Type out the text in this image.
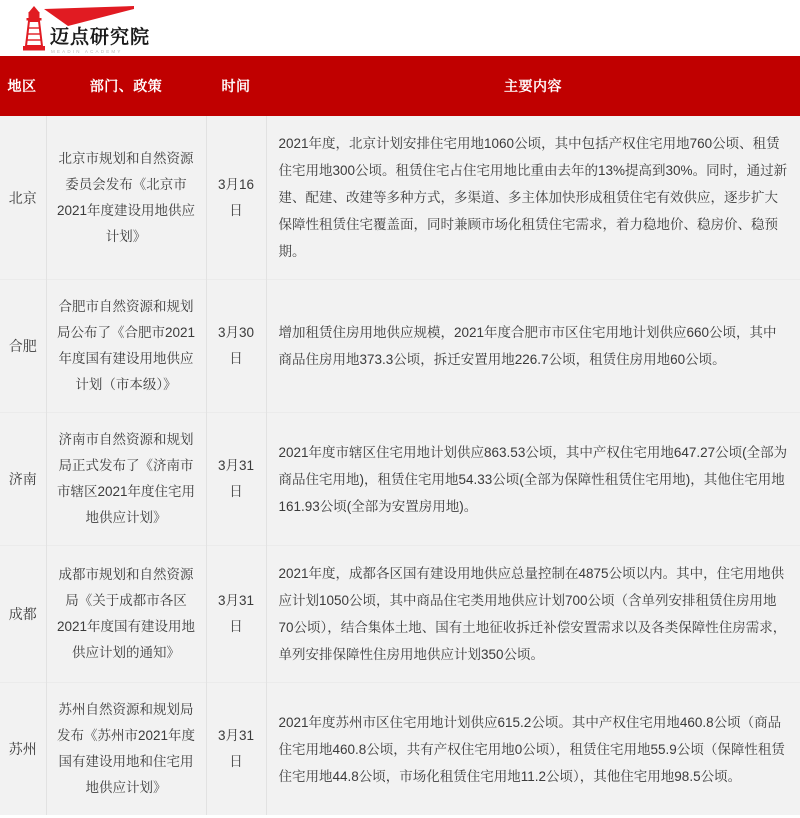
迈点研究院
MEADIN ACADEMY
地区	部门、政策	时间	主要内容
北京	北京市规划和自然资源委员会发布《北京市2021年度建设用地供应计划》	3月16日	2021年度，北京计划安排住宅用地1060公顷，其中包括产权住宅用地760公顷、租赁住宅用地300公顷。租赁住宅占住宅用地比重由去年的13%提高到30%。同时，通过新建、配建、改建等多种方式，多渠道、多主体加快形成租赁住宅有效供应，逐步扩大保障性租赁住宅覆盖面，同时兼顾市场化租赁住宅需求，着力稳地价、稳房价、稳预期。
合肥	合肥市自然资源和规划局公布了《合肥市2021年度国有建设用地供应计划（市本级）》	3月30日	增加租赁住房用地供应规模，2021年度合肥市市区住宅用地计划供应660公顷，其中商品住房用地373.3公顷，拆迁安置用地226.7公顷，租赁住房用地60公顷。
济南	济南市自然资源和规划局正式发布了《济南市市辖区2021年度住宅用地供应计划》	3月31日	2021年度市辖区住宅用地计划供应863.53公顷，其中产权住宅用地647.27公顷(全部为商品住宅用地)，租赁住宅用地54.33公顷(全部为保障性租赁住宅用地)，其他住宅用地161.93公顷(全部为安置房用地)。
成都	成都市规划和自然资源局《关于成都市各区2021年度国有建设用地供应计划的通知》	3月31日	2021年度，成都各区国有建设用地供应总量控制在4875公顷以内。其中，住宅用地供应计划1050公顷，其中商品住宅类用地供应计划700公顷（含单列安排租赁住房用地70公顷），结合集体土地、国有土地征收拆迁补偿安置需求以及各类保障性住房需求，单列安排保障性住房用地供应计划350公顷。
苏州	苏州自然资源和规划局发布《苏州市2021年度国有建设用地和住宅用地供应计划》	3月31日	2021年度苏州市区住宅用地计划供应615.2公顷。其中产权住宅用地460.8公顷（商品住宅用地460.8公顷，共有产权住宅用地0公顷），租赁住宅用地55.9公顷（保障性租赁住宅用地44.8公顷，市场化租赁住宅用地11.2公顷），其他住宅用地98.5公顷。
